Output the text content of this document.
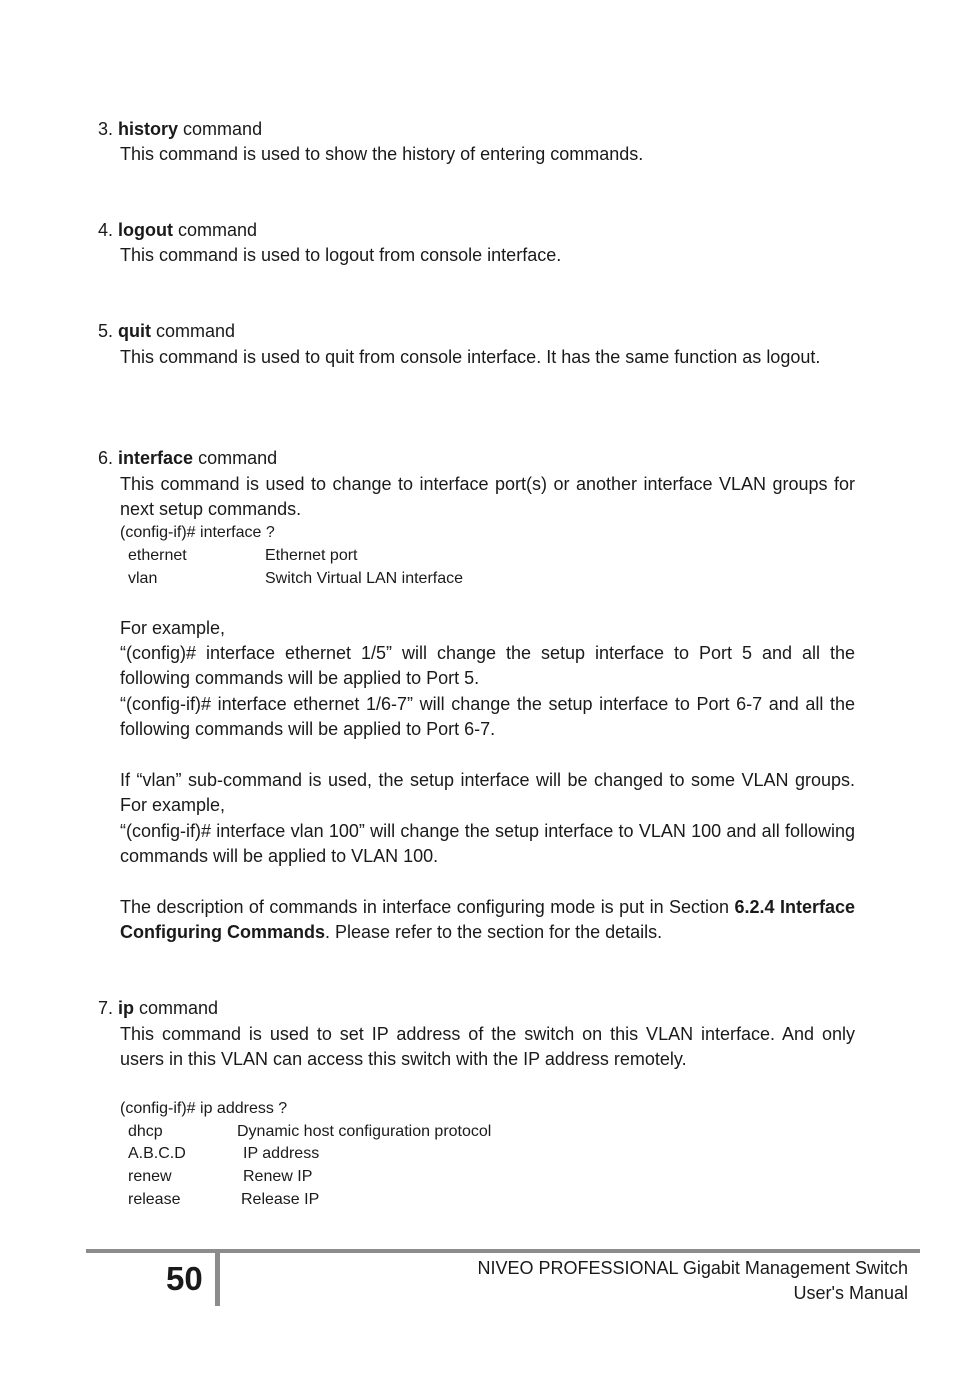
3. history command
This command is used to show the history of entering commands.
4. logout command
This command is used to logout from console interface.
5. quit command
This command is used to quit from console interface. It has the same function as logout.
6. interface command
This command is used to change to interface port(s) or another interface VLAN groups for next setup commands.
(config-if)# interface ?
ethernet	Ethernet port
vlan	Switch Virtual LAN interface
For example,
“(config)# interface ethernet 1/5” will change the setup interface to Port 5 and all the following commands will be applied to Port 5.
“(config-if)# interface ethernet 1/6-7” will change the setup interface to Port 6-7 and all the following commands will be applied to Port 6-7.
If “vlan” sub-command is used, the setup interface will be changed to some VLAN groups. For example,
“(config-if)# interface vlan 100” will change the setup interface to VLAN 100 and all following commands will be applied to VLAN 100.
The description of commands in interface configuring mode is put in Section 6.2.4 Interface Configuring Commands. Please refer to the section for the details.
7. ip command
This command is used to set IP address of the switch on this VLAN interface. And only users in this VLAN can access this switch with the IP address remotely.
(config-if)# ip address ?
dhcp	Dynamic host configuration protocol
A.B.C.D	IP address
renew	Renew IP
release	Release IP
50	NIVEO PROFESSIONAL Gigabit Management Switch
User's Manual
